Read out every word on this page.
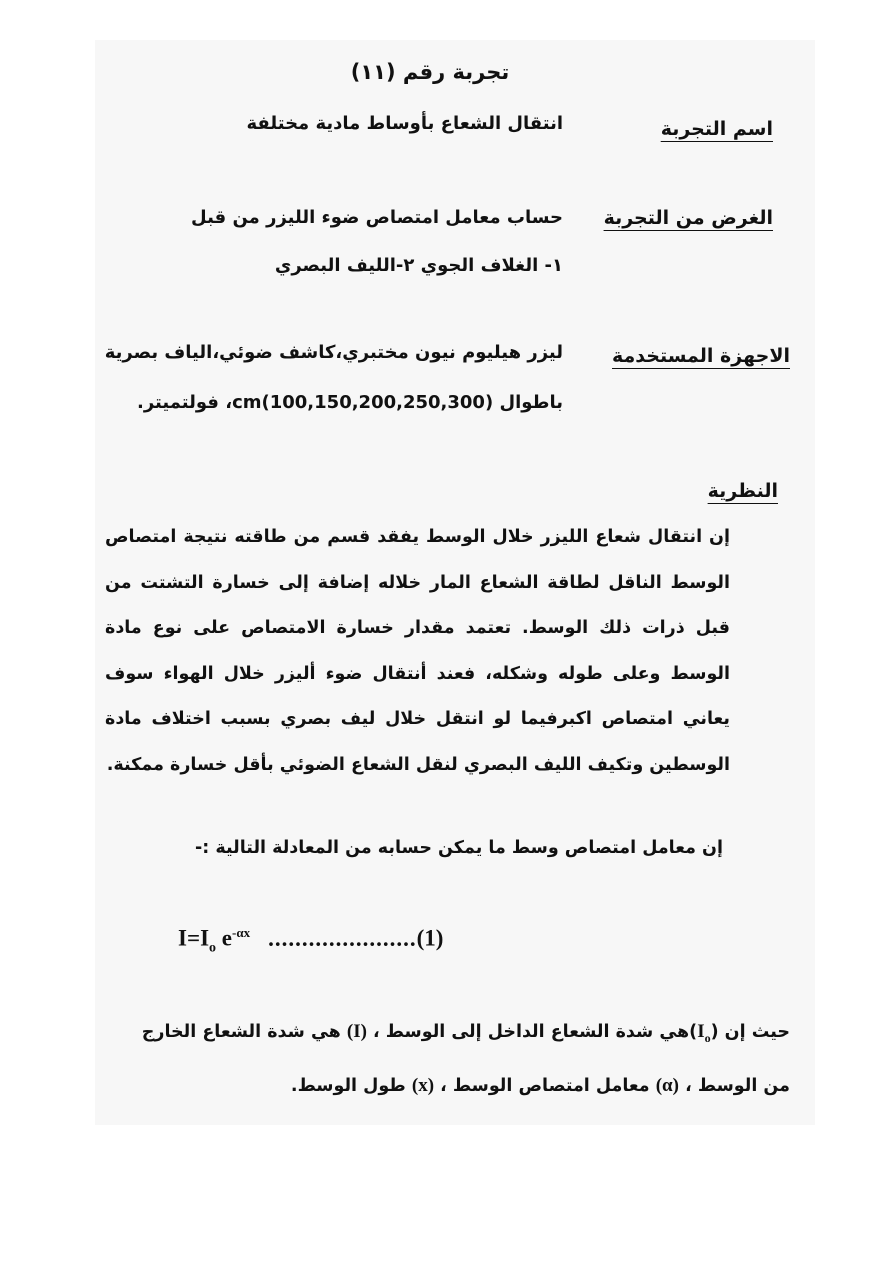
تجربة رقم (١١)
اسم التجربة
انتقال الشعاع بأوساط مادية مختلفة
الغرض من التجربة
حساب معامل امتصاص ضوء الليزر من قبل
١- الغلاف الجوي ٢-الليف البصري
الاجهزة المستخدمة
ليزر هيليوم نيون مختبري،كاشف ضوئي،الياف بصرية
باطوال cm(100,150,200,250,300)، فولتميتر.
النظرية
إن انتقال شعاع الليزر خلال الوسط يفقد قسم من طاقته نتيجة امتصاص الوسط الناقل لطاقة الشعاع المار خلاله إضافة إلى خسارة التشتت من قبل ذرات ذلك الوسط. تعتمد مقدار خسارة الامتصاص على نوع مادة الوسط وعلى طوله وشكله، فعند أنتقال ضوء أليزر خلال الهواء سوف يعاني امتصاص اكبرفيما لو انتقل خلال ليف بصري بسبب اختلاف مادة الوسطين وتكيف الليف البصري لنقل الشعاع الضوئي بأقل خسارة ممكنة.
إن معامل امتصاص وسط ما يمكن حسابه من المعادلة التالية :-
$I=I_o$ $e^{-\alpha x}$ ......................(1)
حيث إن $(I_o)هي$ شدة الشعاع الداخل إلى الوسط ، (I) هي شدة الشعاع الخارج
من الوسط ، (α) معامل امتصاص الوسط ، (x) طول الوسط.
